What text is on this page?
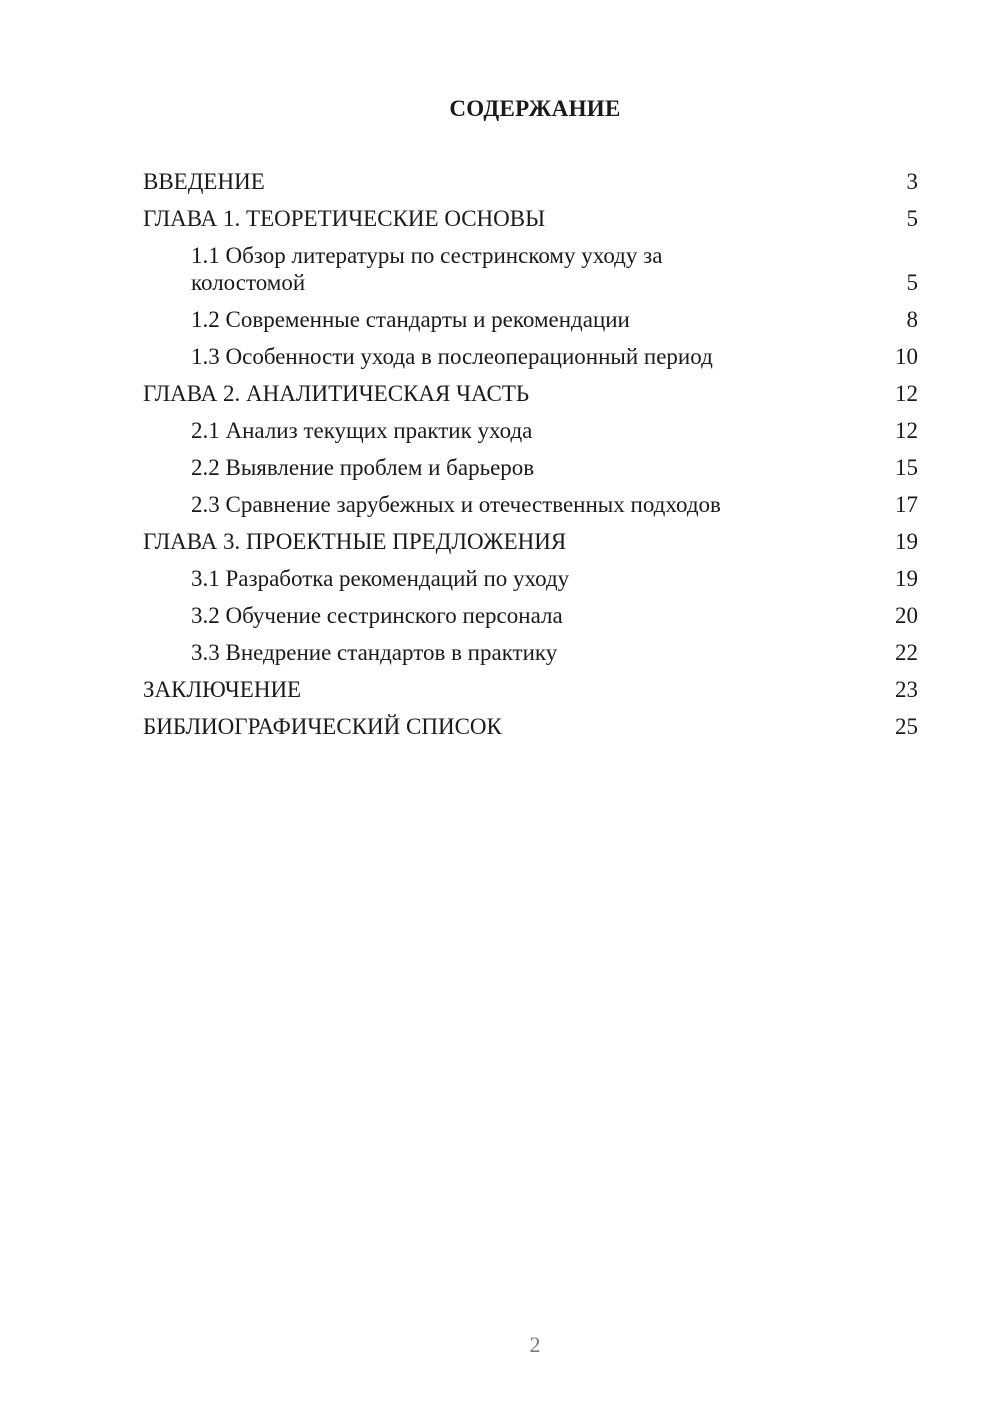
СОДЕРЖАНИЕ
ВВЕДЕНИЕ	3
ГЛАВА 1. ТЕОРЕТИЧЕСКИЕ ОСНОВЫ	5
1.1 Обзор литературы по сестринскому уходу за колостомой	5
1.2 Современные стандарты и рекомендации	8
1.3 Особенности ухода в послеоперационный период	10
ГЛАВА 2. АНАЛИТИЧЕСКАЯ ЧАСТЬ	12
2.1 Анализ текущих практик ухода	12
2.2 Выявление проблем и барьеров	15
2.3 Сравнение зарубежных и отечественных подходов	17
ГЛАВА 3. ПРОЕКТНЫЕ ПРЕДЛОЖЕНИЯ	19
3.1 Разработка рекомендаций по уходу	19
3.2 Обучение сестринского персонала	20
3.3 Внедрение стандартов в практику	22
ЗАКЛЮЧЕНИЕ	23
БИБЛИОГРАФИЧЕСКИЙ СПИСОК	25
2
